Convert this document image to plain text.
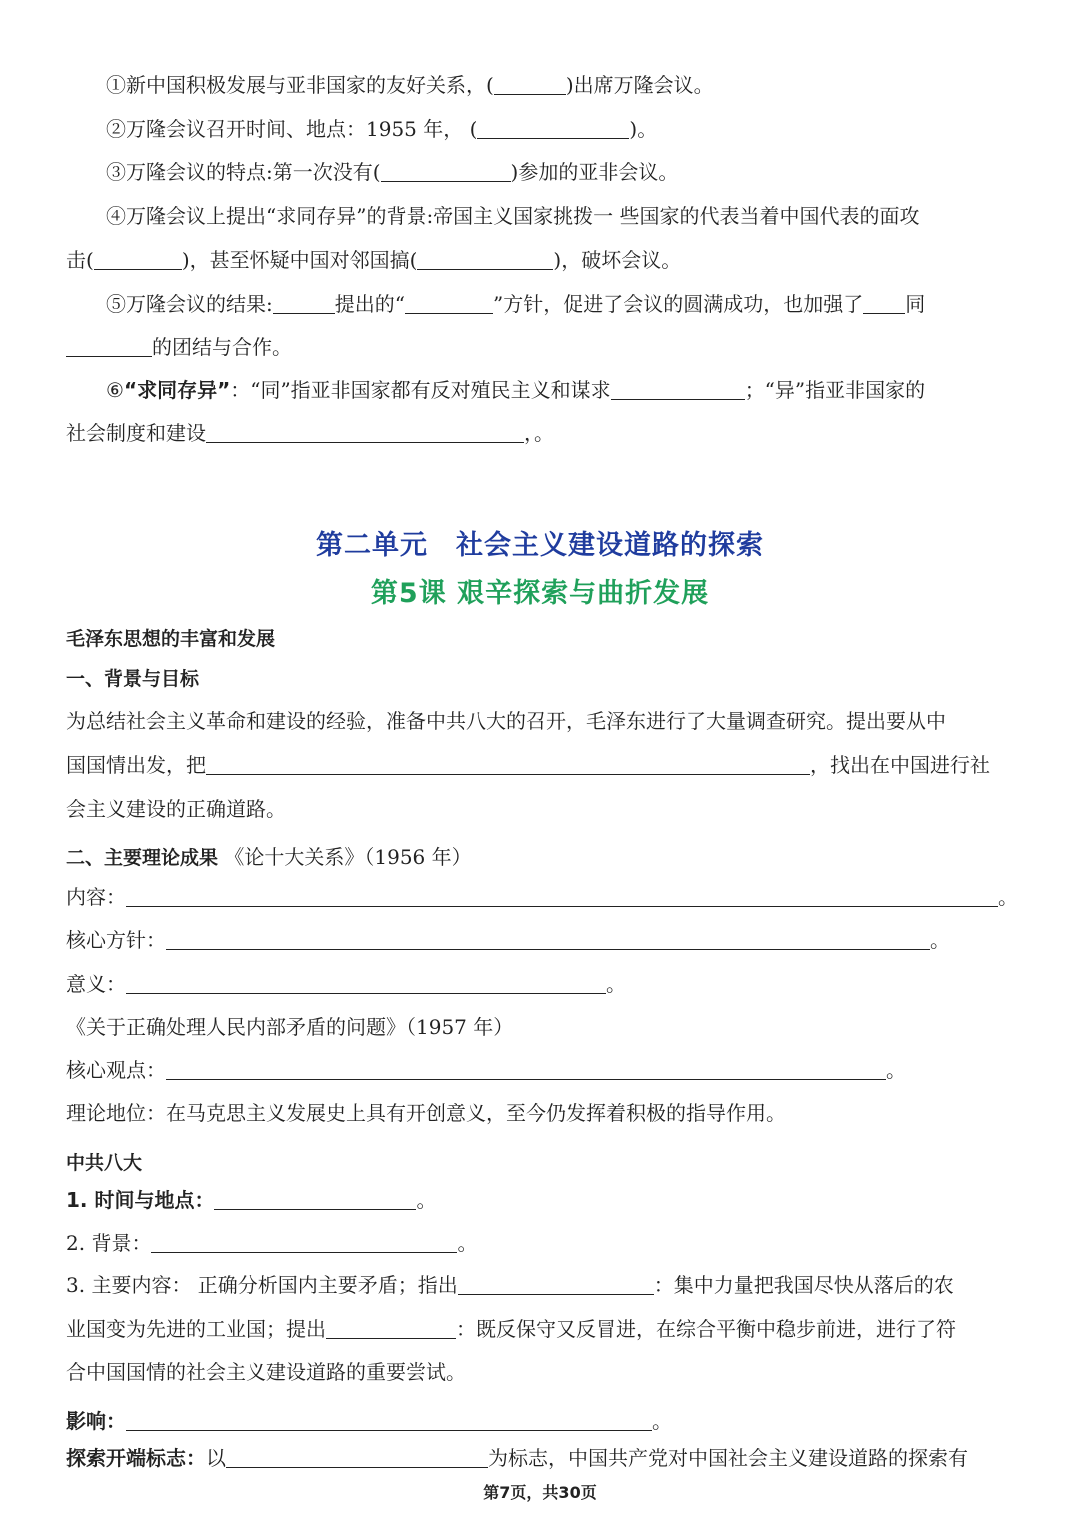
①新中国积极发展与亚非国家的友好关系，(	)出席万隆会议。
②万隆会议召开时间、地点：1955 年， (	)。
③万隆会议的特点:第一次没有(	)参加的亚非会议。
④万隆会议上提出“求同存异”的背景:帝国主义国家挑拨一 些国家的代表当着中国代表的面攻
击(	)，甚至怀疑中国对邻国搞(	)，破坏会议。
⑤万隆会议的结果:	提出的“	”方针，促进了会议的圆满成功，也加强了 同
的团结与合作。
⑥“求同存异”：“同”指亚非国家都有反对殖民主义和谋求	；“异”指亚非国家的
社会制度和建设	，。
第二单元　社会主义建设道路的探索
第5课 艰辛探索与曲折发展
毛泽东思想的丰富和发展
一、背景与目标
为总结社会主义革命和建设的经验，准备中共八大的召开，毛泽东进行了大量调查研究。提出要从中
国国情出发，把	，找出在中国进行社
会主义建设的正确道路。
二、主要理论成果 《论十大关系》（1956 年）
内容：	。
核心方针：	。
意义：	。
《关于正确处理人民内部矛盾的问题》（1957 年）
核心观点：	。
理论地位：在马克思主义发展史上具有开创意义，至今仍发挥着积极的指导作用。
中共八大
1. 时间与地点：	。
2. 背景：	。
3. 主要内容： 正确分析国内主要矛盾；指出	：集中力量把我国尽快从落后的农
业国变为先进的工业国；提出	：既反保守又反冒进，在综合平衡中稳步前进，进行了符
合中国国情的社会主义建设道路的重要尝试。
影响：	。
探索开端标志：以	为标志，中国共产党对中国社会主义建设道路的探索有
第7页，共30页
